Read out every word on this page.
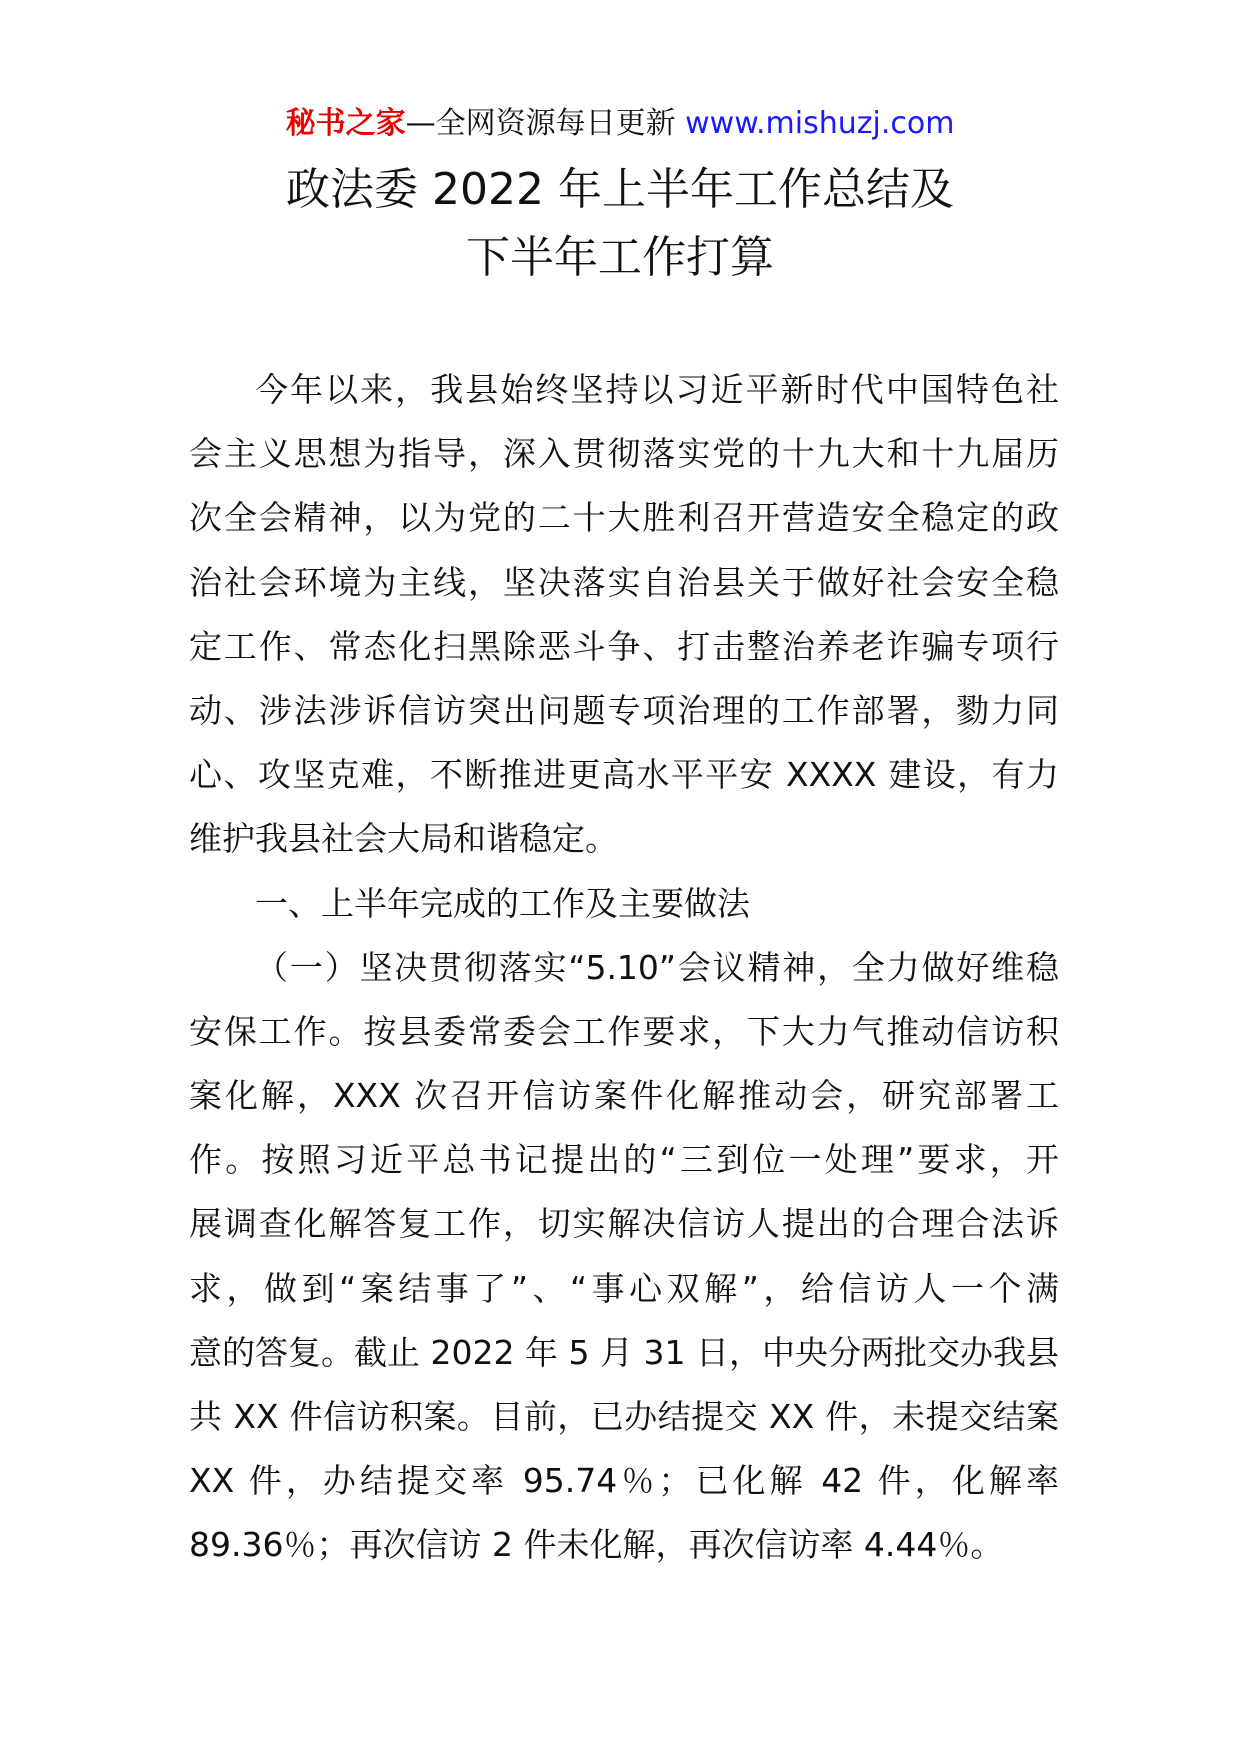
秘书之家—全网资源每日更新 www.mishuzj.com
政法委 2022 年上半年工作总结及
下半年工作打算
今年以来，我县始终坚持以习近平新时代中国特色社
会主义思想为指导，深入贯彻落实党的十九大和十九届历
次全会精神，以为党的二十大胜利召开营造安全稳定的政
治社会环境为主线，坚决落实自治县关于做好社会安全稳
定工作、常态化扫黑除恶斗争、打击整治养老诈骗专项行
动、涉法涉诉信访突出问题专项治理的工作部署，勠力同
心、攻坚克难，不断推进更高水平平安 XXXX 建设，有力
维护我县社会大局和谐稳定。
一、上半年完成的工作及主要做法
（一）坚决贯彻落实“5.10”会议精神，全力做好维稳
安保工作。按县委常委会工作要求，下大力气推动信访积
案化解，XXX 次召开信访案件化解推动会，研究部署工
作。按照习近平总书记提出的“三到位一处理”要求，开
展调查化解答复工作，切实解决信访人提出的合理合法诉
求，做到“案结事了”、“事心双解”，给信访人一个满
意的答复。截止 2022 年 5 月 31 日，中央分两批交办我县
共 XX 件信访积案。目前，已办结提交 XX 件，未提交结案
XX 件，办结提交率 95.74％；已化解 42 件，化解率
89.36％；再次信访 2 件未化解，再次信访率 4.44％。
